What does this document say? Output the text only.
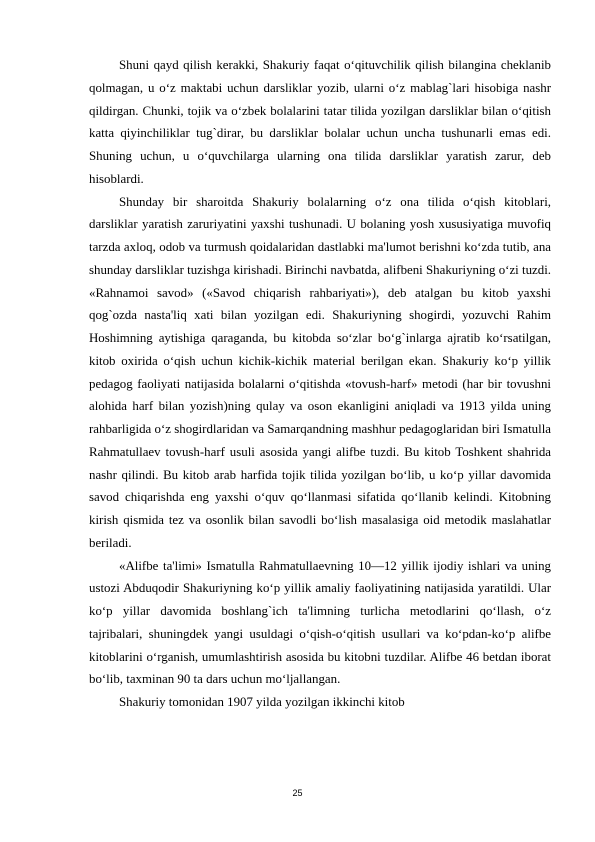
Shuni qayd qilish kerakki, Shakuriy faqat o‘qituvchilik qilish bilangina cheklanib qolmagan, u o‘z maktabi uchun darsliklar yozib, ularni o‘z mablag`lari hisobiga nashr qildirgan. Chunki, tojik va o‘zbek bolalarini tatar tilida yozilgan darsliklar bilan o‘qitish katta qiyinchiliklar tug`dirar, bu darsliklar bolalar uchun uncha tushunarli emas edi. Shuning uchun, u o‘quvchilarga ularning ona tilida darsliklar yaratish zarur, deb hisoblardi.

Shunday bir sharoitda Shakuriy bolalarning o‘z ona tilida o‘qish kitoblari, darsliklar yaratish zaruriyatini yaxshi tushunadi. U bolaning yosh xususiyatiga muvofiq tarzda axloq, odob va turmush qoidalaridan dastlabki ma'lumot berishni ko‘zda tutib, ana shunday darsliklar tuzishga kirishadi. Birinchi navbatda, alifbeni Shakuriyning o‘zi tuzdi. «Rahnamoi savod» («Savod chiqarish rahbariyati»), deb atalgan bu kitob yaxshi qog`ozda nasta'liq xati bilan yozilgan edi. Shakuriyning shogirdi, yozuvchi Rahim Hoshimning aytishiga qaraganda, bu kitobda so‘zlar bo‘g`inlarga ajratib ko‘rsatilgan, kitob oxirida o‘qish uchun kichik-kichik material berilgan ekan. Shakuriy ko‘p yillik pedagog faoliyati natijasida bolalarni o‘qitishda «tovush-harf» metodi (har bir tovushni alohida harf bilan yozish)ning qulay va oson ekanligini aniqladi va 1913 yilda uning rahbarligida o‘z shogirdlaridan va Samarqandning mashhur pedagoglaridan biri Ismatulla Rahmatullaev tovush-harf usuli asosida yangi alifbe tuzdi. Bu kitob Toshkent shahrida nashr qilindi. Bu kitob arab harfida tojik tilida yozilgan bo‘lib, u ko‘p yillar davomida savod chiqarishda eng yaxshi o‘quv qo‘llanmasi sifatida qo‘llanib kelindi. Kitobning kirish qismida tez va osonlik bilan savodli bo‘lish masalasiga oid metodik maslahatlar beriladi.

«Alifbe ta'limi» Ismatulla Rahmatullaevning 10—12 yillik ijodiy ishlari va uning ustozi Abduqodir Shakuriyning ko‘p yillik amaliy faoliyatining natijasida yaratildi. Ular ko‘p yillar davomida boshlang`ich ta'limning turlicha metodlarini qo‘llash, o‘z tajribalari, shuningdek yangi usuldagi o‘qish-o‘qitish usullari va ko‘pdan-ko‘p alifbe kitoblarini o‘rganish, umumlashtirish asosida bu kitobni tuzdilar. Alifbe 46 betdan iborat bo‘lib, taxminan 90 ta dars uchun mo‘ljallangan.

Shakuriy tomonidan 1907 yilda yozilgan ikkinchi kitob

25
